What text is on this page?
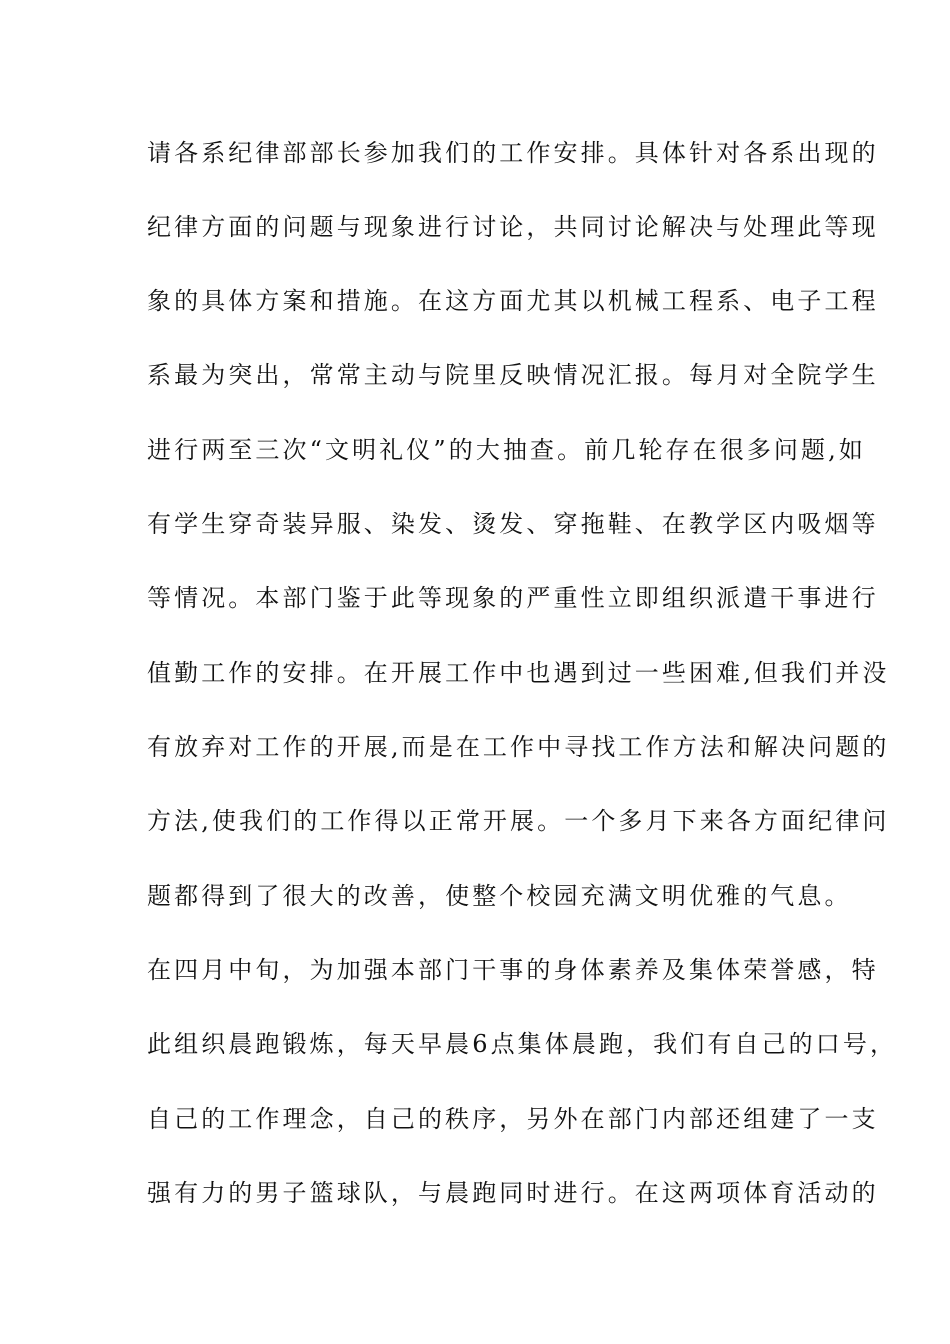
请各系纪律部部长参加我们的工作安排。具体针对各系出现的
纪律方面的问题与现象进行讨论，共同讨论解决与处理此等现
象的具体方案和措施。在这方面尤其以机械工程系、电子工程
系最为突出，常常主动与院里反映情况汇报。每月对全院学生
进行两至三次“文明礼仪”的大抽查。前几轮存在很多问题,如
有学生穿奇装异服、染发、烫发、穿拖鞋、在教学区内吸烟等
等情况。本部门鉴于此等现象的严重性立即组织派遣干事进行
值勤工作的安排。在开展工作中也遇到过一些困难,但我们并没
有放弃对工作的开展,而是在工作中寻找工作方法和解决问题的
方法,使我们的工作得以正常开展。一个多月下来各方面纪律问
题都得到了很大的改善，使整个校园充满文明优雅的气息。
在四月中旬，为加强本部门干事的身体素养及集体荣誉感，特
此组织晨跑锻炼，每天早晨6点集体晨跑，我们有自己的口号，
自己的工作理念，自己的秩序，另外在部门内部还组建了一支
强有力的男子篮球队，与晨跑同时进行。在这两项体育活动的
